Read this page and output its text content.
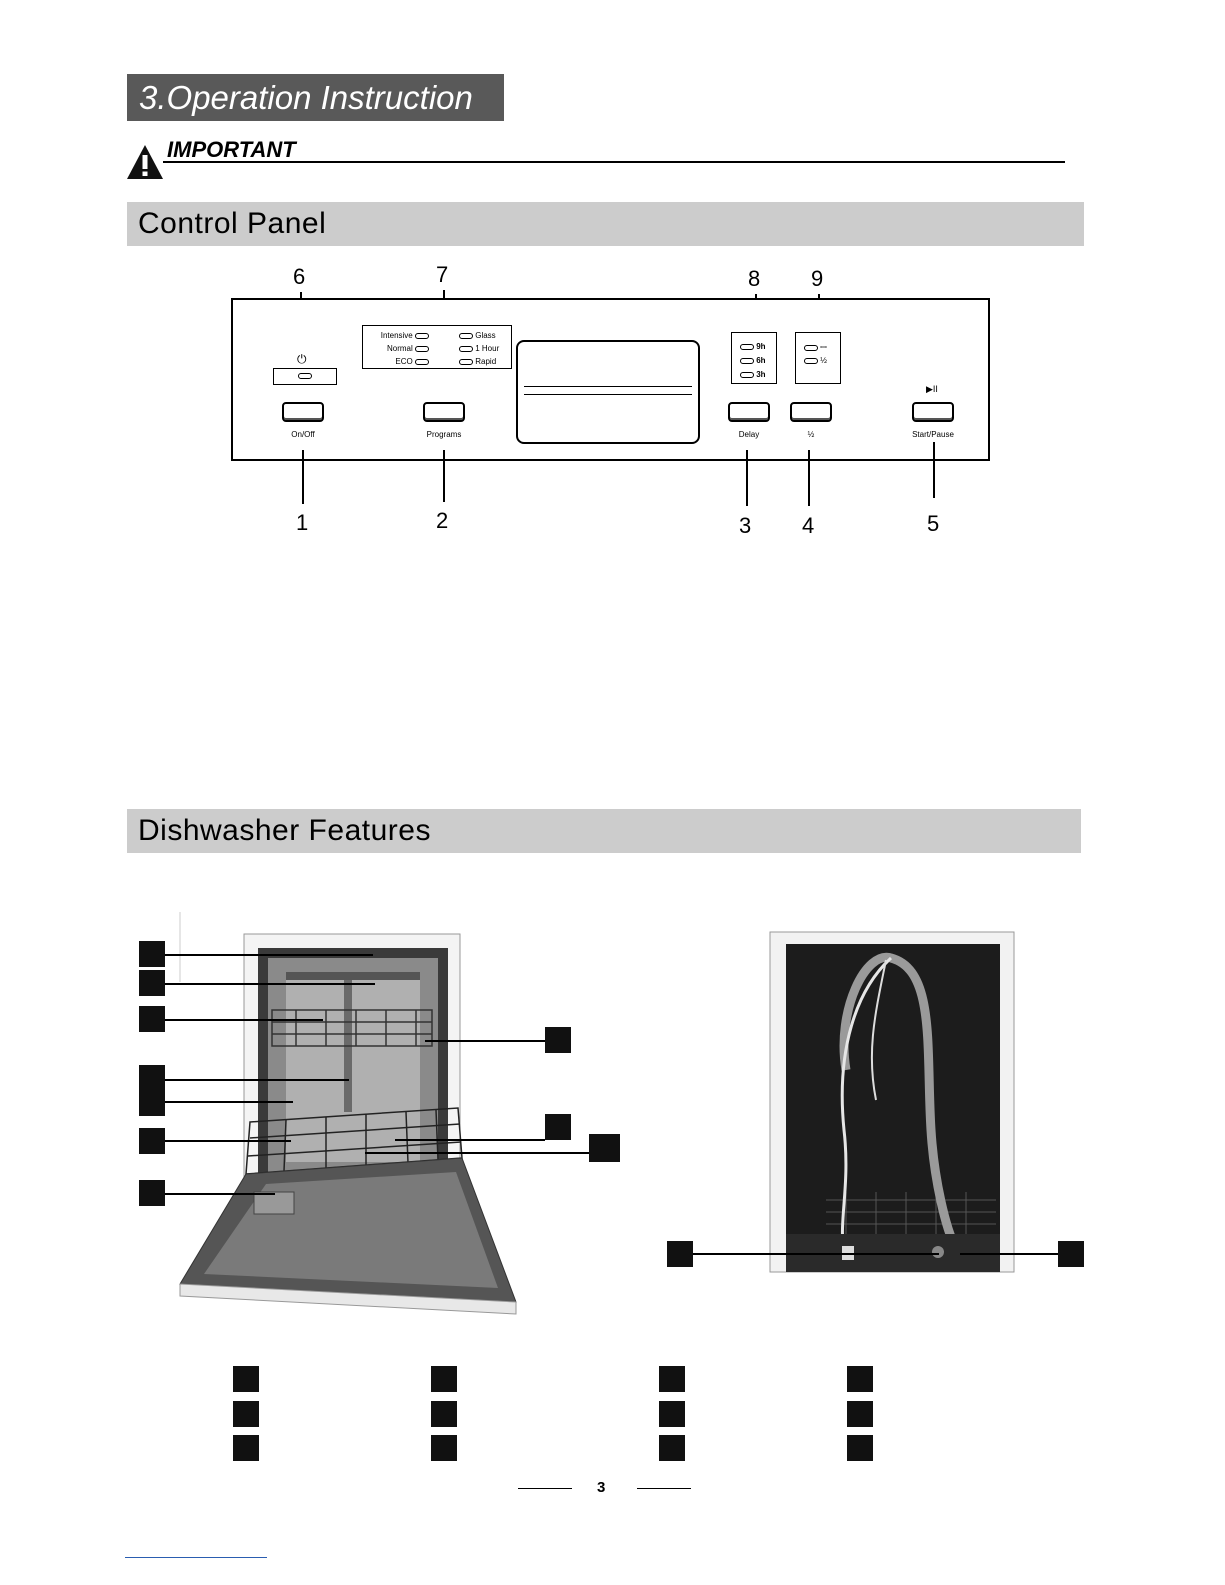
3.Operation Instruction
IMPORTANT
Control Panel
6	7	8 9
⏻
Intensive
Normal
ECO
Glass
1 Hour
Rapid
9h
6h
3h
ꟷ
½
▶II
On/Off	Programs	Delay	½	Start/Pause
1	2	3 4	5
Dishwasher Features
3
